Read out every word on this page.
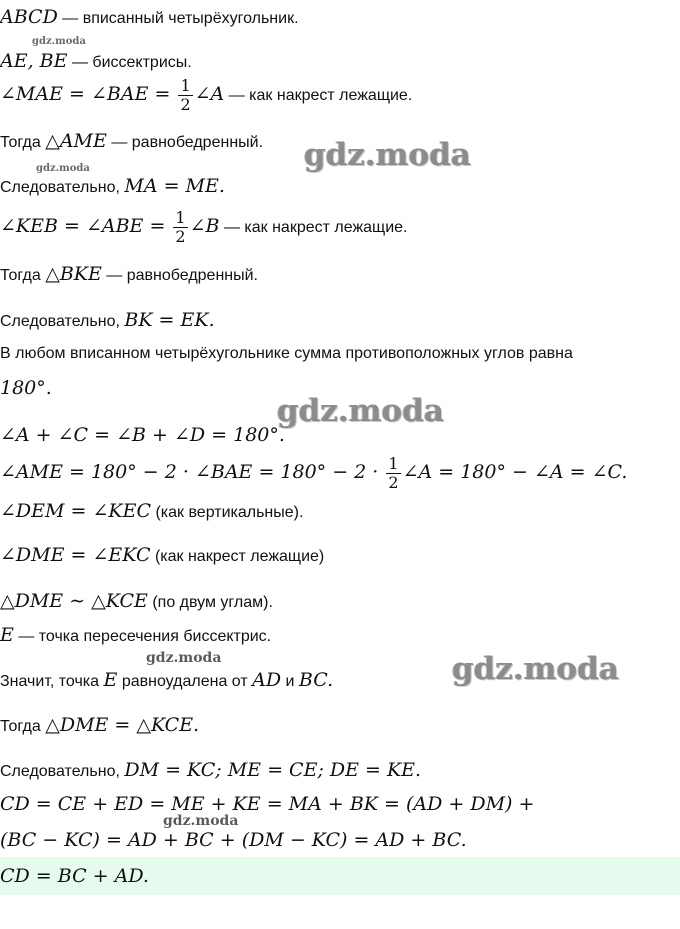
ABCD — вписанный четырёхугольник.
AE, BE — биссектрисы.
∠MAE = ∠BAE = $\frac{1}{2}$ ∠A — как накрест лежащие.
Тогда △AME — равнобедренный.
Следовательно, MA = ME.
∠KEB = ∠ABE = $\frac{1}{2}$ ∠B — как накрест лежащие.
Тогда △BKE — равнобедренный.
Следовательно, BK = EK.
В любом вписанном четырёхугольнике сумма противоположных углов равна
180°.
∠A + ∠C = ∠B + ∠D = 180°.
∠AME = 180° − 2 · ∠BAE = $180^\circ - 2 \cdot \frac{1}{2}$ ∠A = 180° − ∠A = ∠C.
∠DEM = ∠KEC (как вертикальные).
∠DME = ∠EKC (как накрест лежащие)
△DME ∼ △KCE (по двум углам).
E — точка пересечения биссектрис.
Значит, точка E равноудалена от AD и BC.
Тогда △DME = △KCE.
Следовательно, DM = KC; ME = CE; DE = KE.
CD = CE + ED = ME + KE = MA + BK = (AD + DM) +
(BC − KC) = AD + BC + (DM − KC) = AD + BC.
CD = BC + AD.
gdz.moda
gdz.moda
gdz.moda
gdz.moda
gdz.moda
gdz.moda
gdz.moda
